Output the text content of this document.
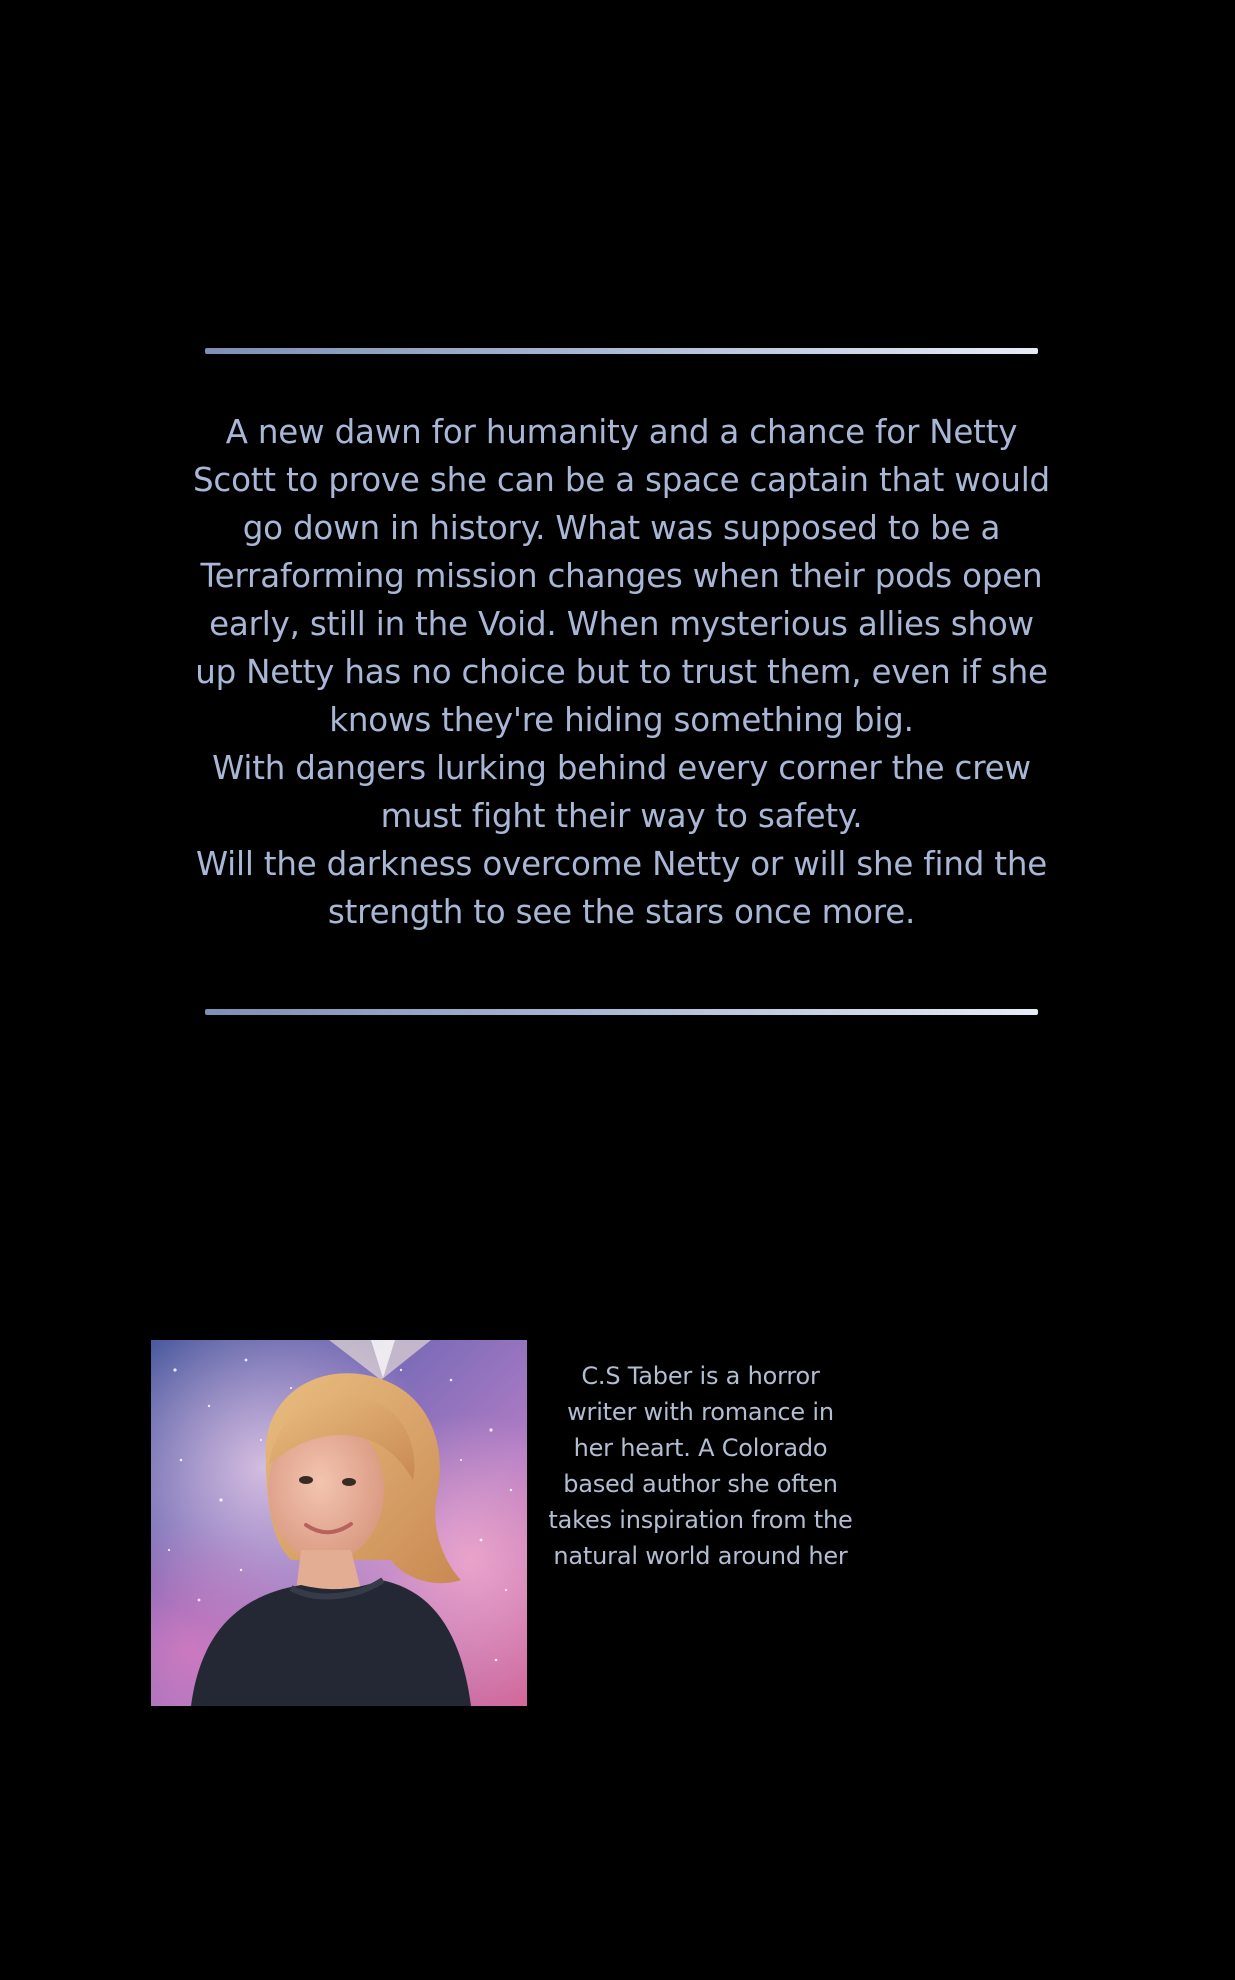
A new dawn for humanity and a chance for Netty Scott to prove she can be a space captain that would go down in history. What was supposed to be a Terraforming mission changes when their pods open early, still in the Void. When mysterious allies show up Netty has no choice but to trust them, even if she knows they're hiding something big.
With dangers lurking behind every corner the crew must fight their way to safety.
Will the darkness overcome Netty or will she find the strength to see the stars once more.
C.S Taber is a horror writer with romance in her heart. A Colorado based author she often takes inspiration from the natural world around her
